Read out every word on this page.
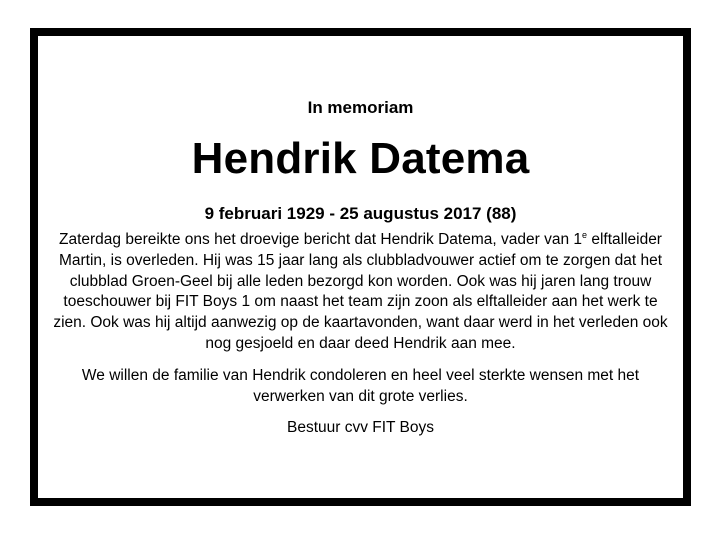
In memoriam
Hendrik Datema
9 februari 1929 - 25 augustus 2017 (88)

Zaterdag bereikte ons het droevige bericht dat Hendrik Datema, vader van 1e elftalleider Martin, is overleden. Hij was 15 jaar lang als clubbladvouwer actief om te zorgen dat het clubblad Groen-Geel bij alle leden bezorgd kon worden. Ook was hij jaren lang trouw toeschouwer bij FIT Boys 1 om naast het team zijn zoon als elftalleider aan het werk te zien. Ook was hij altijd aanwezig op de kaartavonden, want daar werd in het verleden ook nog gesjoeld en daar deed Hendrik aan mee.

We willen de familie van Hendrik condoleren en heel veel sterkte wensen met het verwerken van dit grote verlies.

Bestuur cvv FIT Boys
